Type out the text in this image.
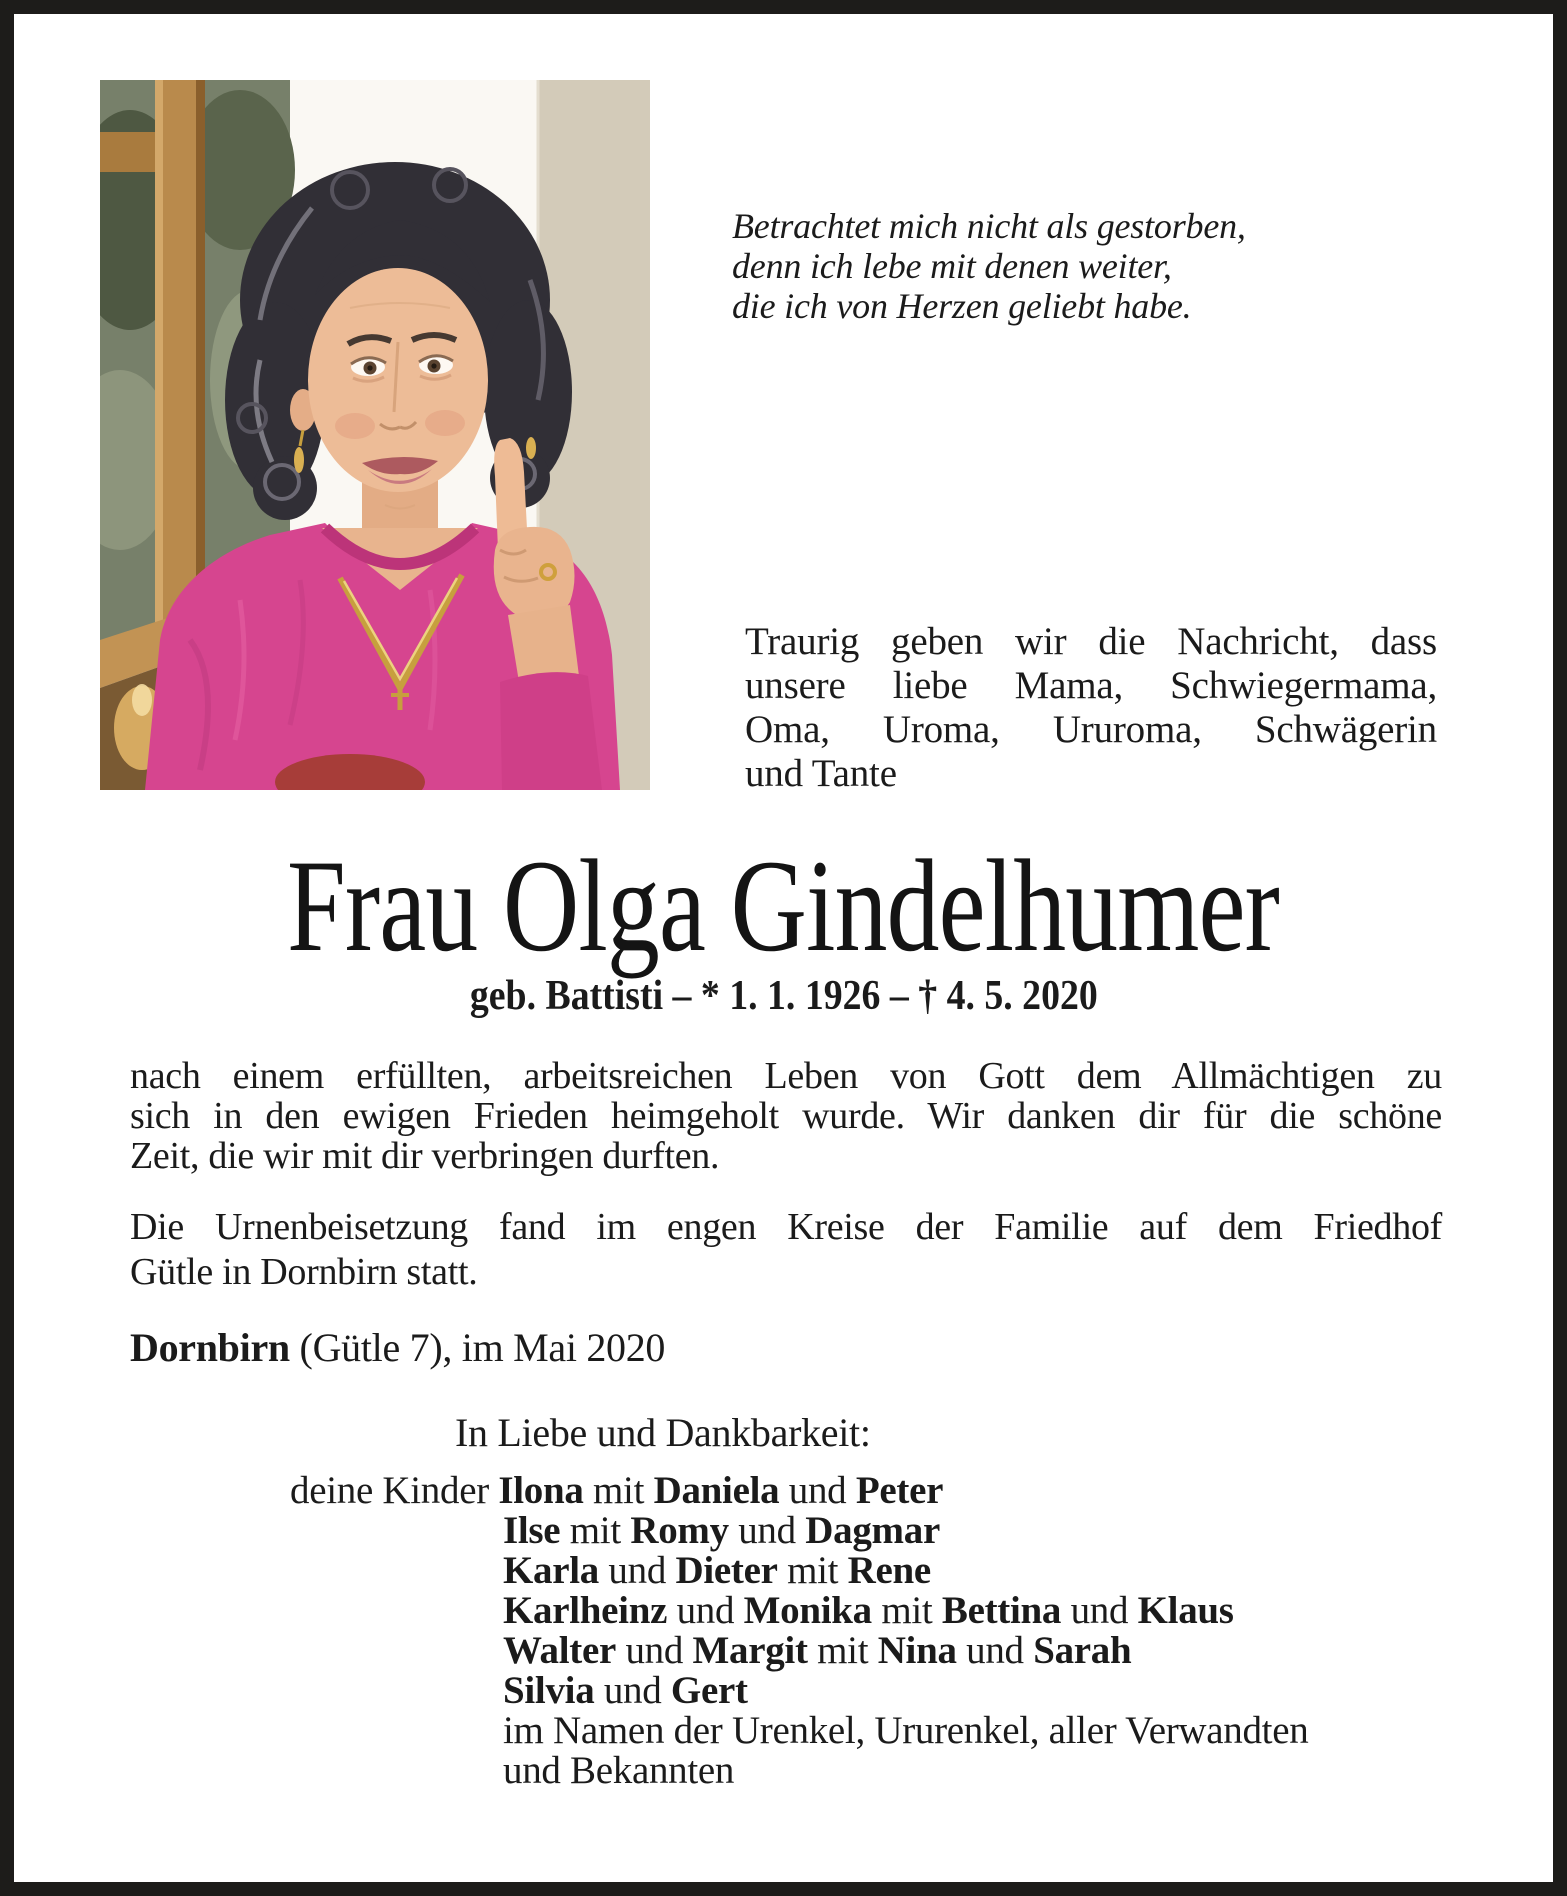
Betrachtet mich nicht als gestorben,
denn ich lebe mit denen weiter,
die ich von Herzen geliebt habe.
Traurig geben wir die Nachricht, dass
unsere liebe Mama, Schwiegermama,
Oma, Uroma, Ururoma, Schwägerin
und Tante
Frau Olga Gindelhumer
geb. Battisti – * 1. 1. 1926 – † 4. 5. 2020
nach einem erfüllten, arbeitsreichen Leben von Gott dem Allmächtigen zu
sich in den ewigen Frieden heimgeholt wurde. Wir danken dir für die schöne
Zeit, die wir mit dir verbringen durften.
Die Urnenbeisetzung fand im engen Kreise der Familie auf dem Friedhof
Gütle in Dornbirn statt.
Dornbirn (Gütle 7), im Mai 2020
In Liebe und Dankbarkeit:
deine Kinder Ilona mit Daniela und Peter
Ilse mit Romy und Dagmar
Karla und Dieter mit Rene
Karlheinz und Monika mit Bettina und Klaus
Walter und Margit mit Nina und Sarah
Silvia und Gert
im Namen der Urenkel, Ururenkel, aller Verwandten
und Bekannten
